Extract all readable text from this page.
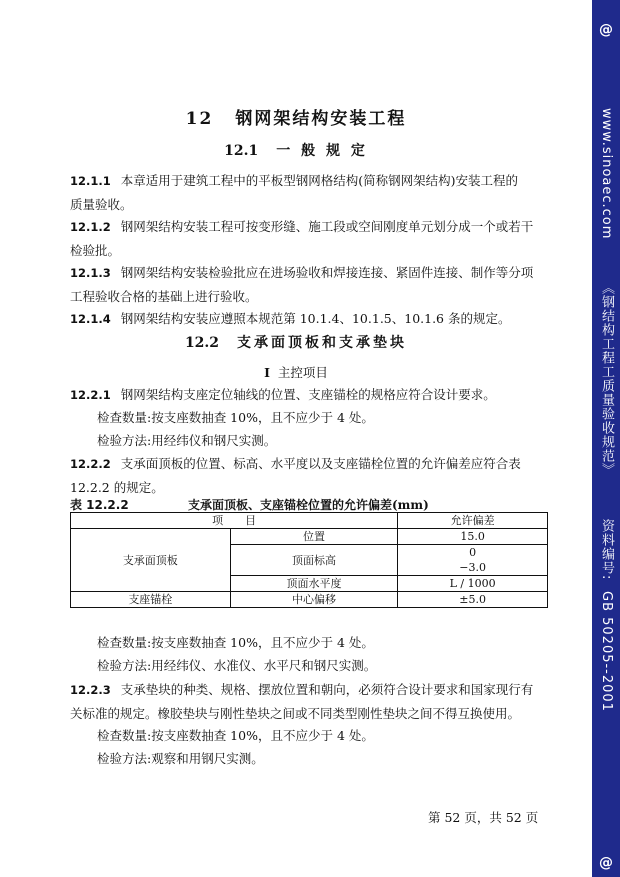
12 钢网架结构安装工程
12.1 一 般 规 定

12.1.1 本章适用于建筑工程中的平板型钢网格结构(简称钢网架结构)安装工程的
质量验收。

12.1.2 钢网架结构安装工程可按变形缝、施工段或空间刚度单元划分成一个或若干
检验批。

12.1.3 钢网架结构安装检验批应在进场验收和焊接连接、紧固件连接、制作等分项
工程验收合格的基础上进行验收。

12.1.4 钢网架结构安装应遵照本规范第 10.1.4、10.1.5、10.1.6 条的规定。

12.2 支承面顶板和支承垫块
I 主控项目

12.2.1 钢网架结构支座定位轴线的位置、支座锚栓的规格应符合设计要求。

检查数量:按支座数抽查 10%，且不应少于 4 处。

检验方法:用经纬仪和钢尺实测。

12.2.2 支承面顶板的位置、标高、水平度以及支座锚栓位置的允许偏差应符合表
12.2.2 的规定。

表 12.2.2	支承面顶板、支座锚栓位置的允许偏差(mm)
项　　目		允许偏差
支承面顶板	位置	15.0
	顶面标高	0
−3.0

	顶面水平度	L / 1000
支座锚栓	中心偏移	±5.0

检查数量:按支座数抽查 10%，且不应少于 4 处。

检验方法:用经纬仪、水准仪、水平尺和钢尺实测。

12.2.3 支承垫块的种类、规格、摆放位置和朝向，必须符合设计要求和国家现行有
关标准的规定。橡胶垫块与刚性垫块之间或不同类型刚性垫块之间不得互换使用。

检查数量:按支座数抽查 10%，且不应少于 4 处。

检验方法:观察和用钢尺实测。

第 52 页，共 52 页
@
www.sinoaec.com《钢结构工程工质量验收规范》资料编号:GB 50205--2001
@
